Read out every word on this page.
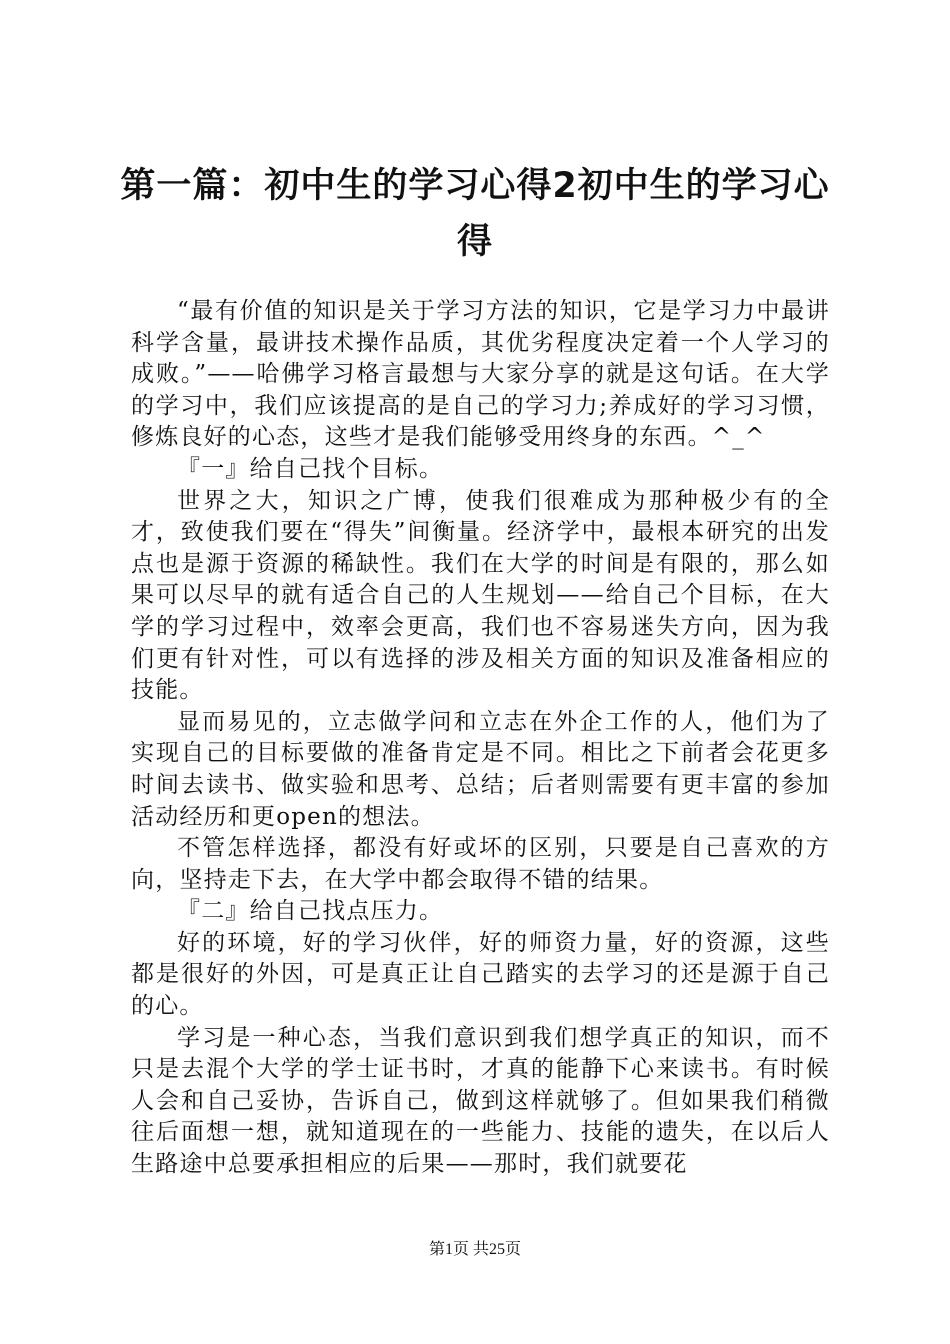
第一篇：初中生的学习心得2初中生的学习心得

“最有价值的知识是关于学习方法的知识，它是学习力中最讲科学含量，最讲技术操作品质，其优劣程度决定着一个人学习的成败。”——哈佛学习格言最想与大家分享的就是这句话。在大学的学习中，我们应该提高的是自己的学习力;养成好的学习习惯，修炼良好的心态，这些才是我们能够受用终身的东西。^_^

『一』给自己找个目标。

世界之大，知识之广博，使我们很难成为那种极少有的全才，致使我们要在“得失”间衡量。经济学中，最根本研究的出发点也是源于资源的稀缺性。我们在大学的时间是有限的，那么如果可以尽早的就有适合自己的人生规划——给自己个目标，在大学的学习过程中，效率会更高，我们也不容易迷失方向，因为我们更有针对性，可以有选择的涉及相关方面的知识及准备相应的技能。

显而易见的，立志做学问和立志在外企工作的人，他们为了实现自己的目标要做的准备肯定是不同。相比之下前者会花更多时间去读书、做实验和思考、总结；后者则需要有更丰富的参加活动经历和更open的想法。

不管怎样选择，都没有好或坏的区别，只要是自己喜欢的方向，坚持走下去，在大学中都会取得不错的结果。

『二』给自己找点压力。

好的环境，好的学习伙伴，好的师资力量，好的资源，这些都是很好的外因，可是真正让自己踏实的去学习的还是源于自己的心。

学习是一种心态，当我们意识到我们想学真正的知识，而不只是去混个大学的学士证书时，才真的能静下心来读书。有时候人会和自己妥协，告诉自己，做到这样就够了。但如果我们稍微往后面想一想，就知道现在的一些能力、技能的遗失，在以后人生路途中总要承担相应的后果——那时，我们就要花

第1页 共25页
